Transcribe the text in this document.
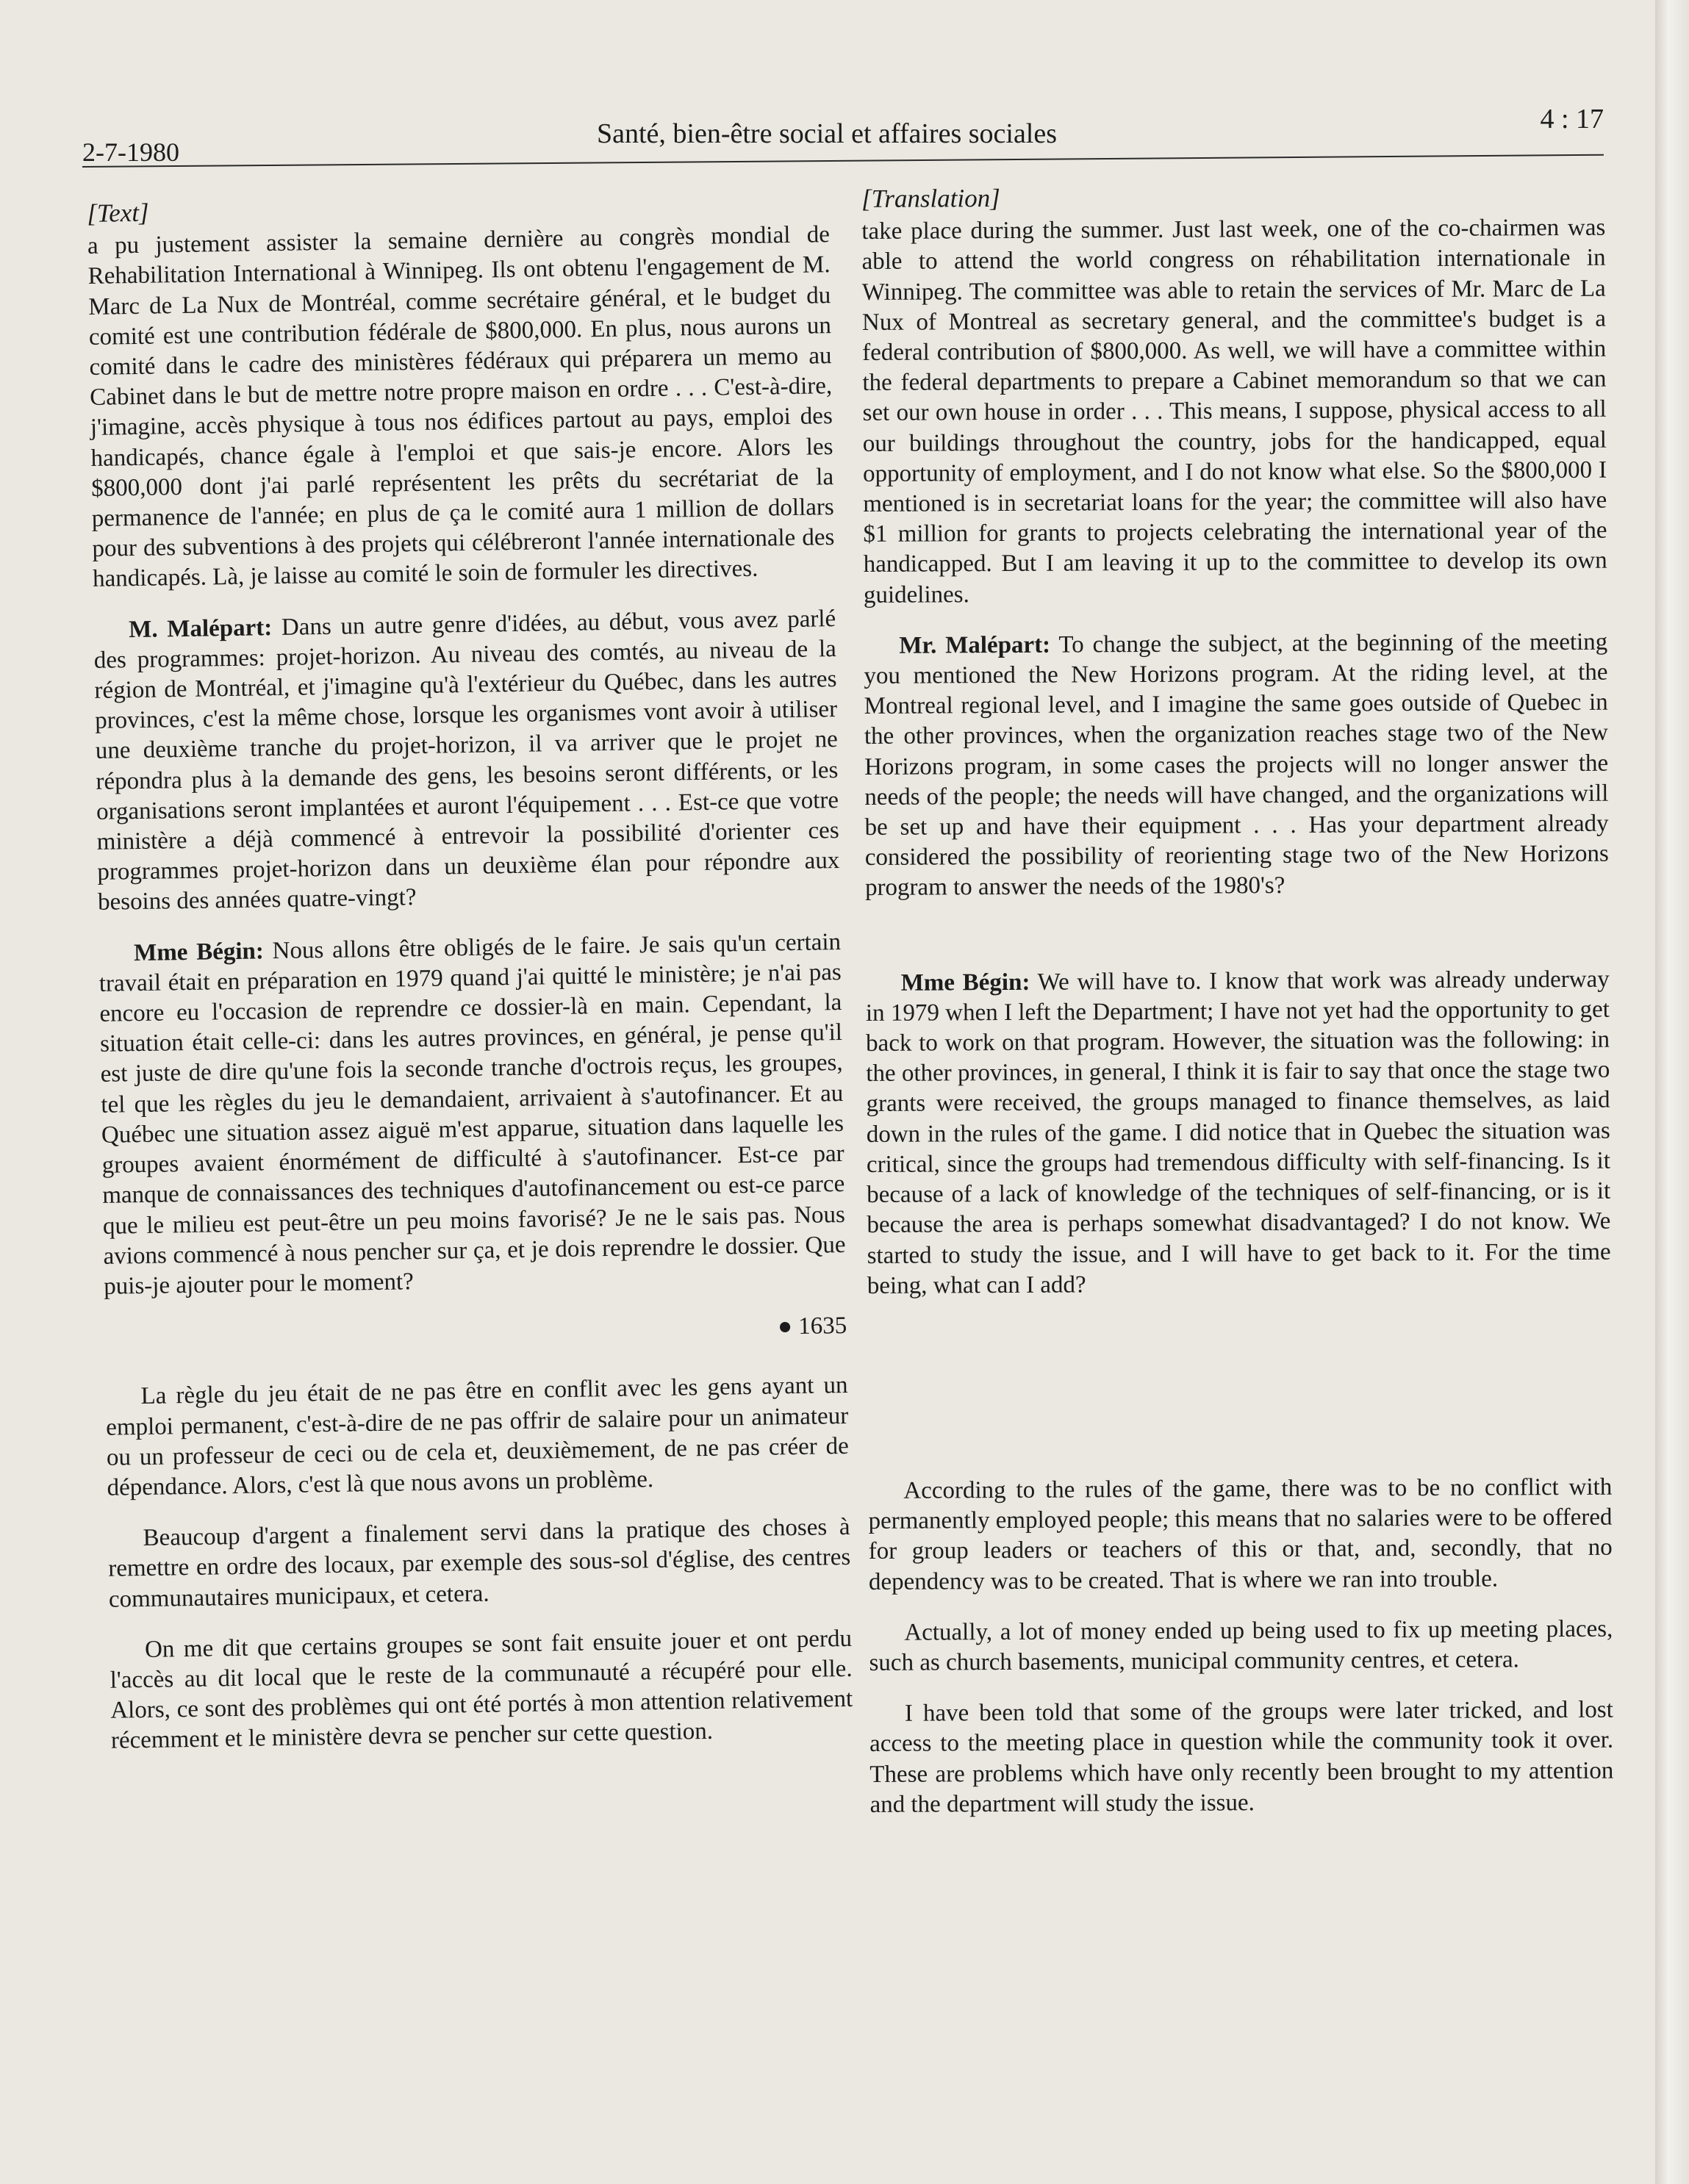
2-7-1980
Santé, bien-être social et affaires sociales	4 : 17
[Text]

a pu justement assister la semaine dernière au congrès mondial de Rehabilitation International à Winnipeg. Ils ont obtenu l'engagement de M. Marc de La Nux de Montréal, comme secrétaire général, et le budget du comité est une contribution fédérale de $800,000. En plus, nous aurons un comité dans le cadre des ministères fédéraux qui préparera un memo au Cabinet dans le but de mettre notre propre maison en ordre . . . C'est-à-dire, j'imagine, accès physique à tous nos édifices partout au pays, emploi des handicapés, chance égale à l'emploi et que sais-je encore. Alors les $800,000 dont j'ai parlé représentent les prêts du secrétariat de la permanence de l'année; en plus de ça le comité aura 1 million de dollars pour des subventions à des projets qui célébreront l'année internationale des handicapés. Là, je laisse au comité le soin de formuler les directives.

M. Malépart: Dans un autre genre d'idées, au début, vous avez parlé des programmes: projet-horizon. Au niveau des comtés, au niveau de la région de Montréal, et j'imagine qu'à l'extérieur du Québec, dans les autres provinces, c'est la même chose, lorsque les organismes vont avoir à utiliser une deuxième tranche du projet-horizon, il va arriver que le projet ne répondra plus à la demande des gens, les besoins seront différents, or les organisations seront implantées et auront l'équipement . . . Est-ce que votre ministère a déjà commencé à entrevoir la possibilité d'orienter ces programmes projet-horizon dans un deuxième élan pour répondre aux besoins des années quatre-vingt?

Mme Bégin: Nous allons être obligés de le faire. Je sais qu'un certain travail était en préparation en 1979 quand j'ai quitté le ministère; je n'ai pas encore eu l'occasion de reprendre ce dossier-là en main. Cependant, la situation était celle-ci: dans les autres provinces, en général, je pense qu'il est juste de dire qu'une fois la seconde tranche d'octrois reçus, les groupes, tel que les règles du jeu le demandaient, arrivaient à s'autofinancer. Et au Québec une situation assez aiguë m'est apparue, situation dans laquelle les groupes avaient énormément de difficulté à s'autofinancer. Est-ce par manque de connaissances des techniques d'autofinancement ou est-ce parce que le milieu est peut-être un peu moins favorisé? Je ne le sais pas. Nous avions commencé à nous pencher sur ça, et je dois reprendre le dossier. Que puis-je ajouter pour le moment?

● 1635

La règle du jeu était de ne pas être en conflit avec les gens ayant un emploi permanent, c'est-à-dire de ne pas offrir de salaire pour un animateur ou un professeur de ceci ou de cela et, deuxièmement, de ne pas créer de dépendance. Alors, c'est là que nous avons un problème.

Beaucoup d'argent a finalement servi dans la pratique des choses à remettre en ordre des locaux, par exemple des sous-sol d'église, des centres communautaires municipaux, et cetera.

On me dit que certains groupes se sont fait ensuite jouer et ont perdu l'accès au dit local que le reste de la communauté a récupéré pour elle. Alors, ce sont des problèmes qui ont été portés à mon attention relativement récemment et le ministère devra se pencher sur cette question.

[Translation]

take place during the summer. Just last week, one of the co-chairmen was able to attend the world congress on réhabilitation internationale in Winnipeg. The committee was able to retain the services of Mr. Marc de La Nux of Montreal as secretary general, and the committee's budget is a federal contribution of $800,000. As well, we will have a committee within the federal departments to prepare a Cabinet memorandum so that we can set our own house in order . . . This means, I suppose, physical access to all our buildings throughout the country, jobs for the handicapped, equal opportunity of employment, and I do not know what else. So the $800,000 I mentioned is in secretariat loans for the year; the committee will also have $1 million for grants to projects celebrating the international year of the handicapped. But I am leaving it up to the committee to develop its own guidelines.

Mr. Malépart: To change the subject, at the beginning of the meeting you mentioned the New Horizons program. At the riding level, at the Montreal regional level, and I imagine the same goes outside of Quebec in the other provinces, when the organization reaches stage two of the New Horizons program, in some cases the projects will no longer answer the needs of the people; the needs will have changed, and the organizations will be set up and have their equipment . . . Has your department already considered the possibility of reorienting stage two of the New Horizons program to answer the needs of the 1980's?

Mme Bégin: We will have to. I know that work was already underway in 1979 when I left the Department; I have not yet had the opportunity to get back to work on that program. However, the situation was the following: in the other provinces, in general, I think it is fair to say that once the stage two grants were received, the groups managed to finance themselves, as laid down in the rules of the game. I did notice that in Quebec the situation was critical, since the groups had tremendous difficulty with self-financing. Is it because of a lack of knowledge of the techniques of self-financing, or is it because the area is perhaps somewhat disadvantaged? I do not know. We started to study the issue, and I will have to get back to it. For the time being, what can I add?

According to the rules of the game, there was to be no conflict with permanently employed people; this means that no salaries were to be offered for group leaders or teachers of this or that, and, secondly, that no dependency was to be created. That is where we ran into trouble.

Actually, a lot of money ended up being used to fix up meeting places, such as church basements, municipal community centres, et cetera.

I have been told that some of the groups were later tricked, and lost access to the meeting place in question while the community took it over. These are problems which have only recently been brought to my attention and the department will study the issue.
